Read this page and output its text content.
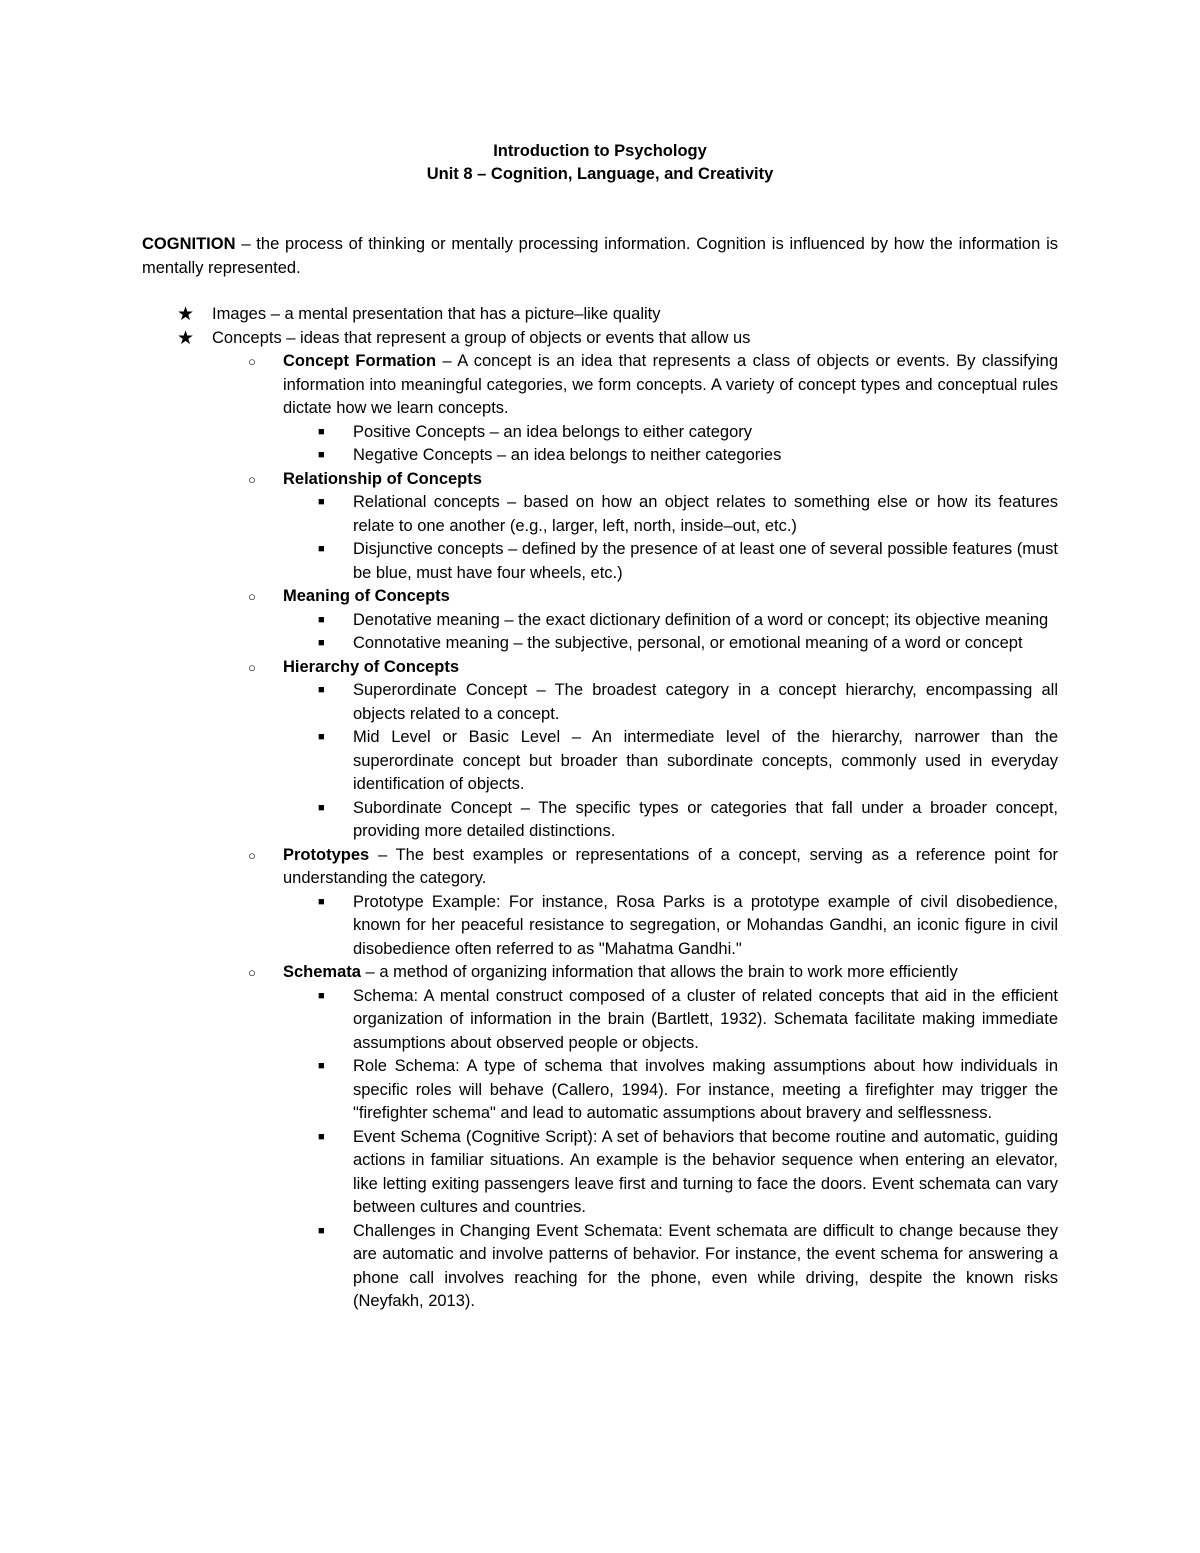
Introduction to Psychology
Unit 8 – Cognition, Language, and Creativity
COGNITION – the process of thinking or mentally processing information. Cognition is influenced by how the information is mentally represented.
★ Images – a mental presentation that has a picture–like quality
★ Concepts – ideas that represent a group of objects or events that allow us
○ Concept Formation – A concept is an idea that represents a class of objects or events. By classifying information into meaningful categories, we form concepts. A variety of concept types and conceptual rules dictate how we learn concepts.
■ Positive Concepts – an idea belongs to either category
■ Negative Concepts – an idea belongs to neither categories
○ Relationship of Concepts
■ Relational concepts – based on how an object relates to something else or how its features relate to one another (e.g., larger, left, north, inside–out, etc.)
■ Disjunctive concepts – defined by the presence of at least one of several possible features (must be blue, must have four wheels, etc.)
○ Meaning of Concepts
■ Denotative meaning – the exact dictionary definition of a word or concept; its objective meaning
■ Connotative meaning – the subjective, personal, or emotional meaning of a word or concept
○ Hierarchy of Concepts
■ Superordinate Concept – The broadest category in a concept hierarchy, encompassing all objects related to a concept.
■ Mid Level or Basic Level – An intermediate level of the hierarchy, narrower than the superordinate concept but broader than subordinate concepts, commonly used in everyday identification of objects.
■ Subordinate Concept – The specific types or categories that fall under a broader concept, providing more detailed distinctions.
○ Prototypes – The best examples or representations of a concept, serving as a reference point for understanding the category.
■ Prototype Example: For instance, Rosa Parks is a prototype example of civil disobedience, known for her peaceful resistance to segregation, or Mohandas Gandhi, an iconic figure in civil disobedience often referred to as "Mahatma Gandhi."
○ Schemata – a method of organizing information that allows the brain to work more efficiently
■ Schema: A mental construct composed of a cluster of related concepts that aid in the efficient organization of information in the brain (Bartlett, 1932). Schemata facilitate making immediate assumptions about observed people or objects.
■ Role Schema: A type of schema that involves making assumptions about how individuals in specific roles will behave (Callero, 1994). For instance, meeting a firefighter may trigger the "firefighter schema" and lead to automatic assumptions about bravery and selflessness.
■ Event Schema (Cognitive Script): A set of behaviors that become routine and automatic, guiding actions in familiar situations. An example is the behavior sequence when entering an elevator, like letting exiting passengers leave first and turning to face the doors. Event schemata can vary between cultures and countries.
■ Challenges in Changing Event Schemata: Event schemata are difficult to change because they are automatic and involve patterns of behavior. For instance, the event schema for answering a phone call involves reaching for the phone, even while driving, despite the known risks (Neyfakh, 2013).
